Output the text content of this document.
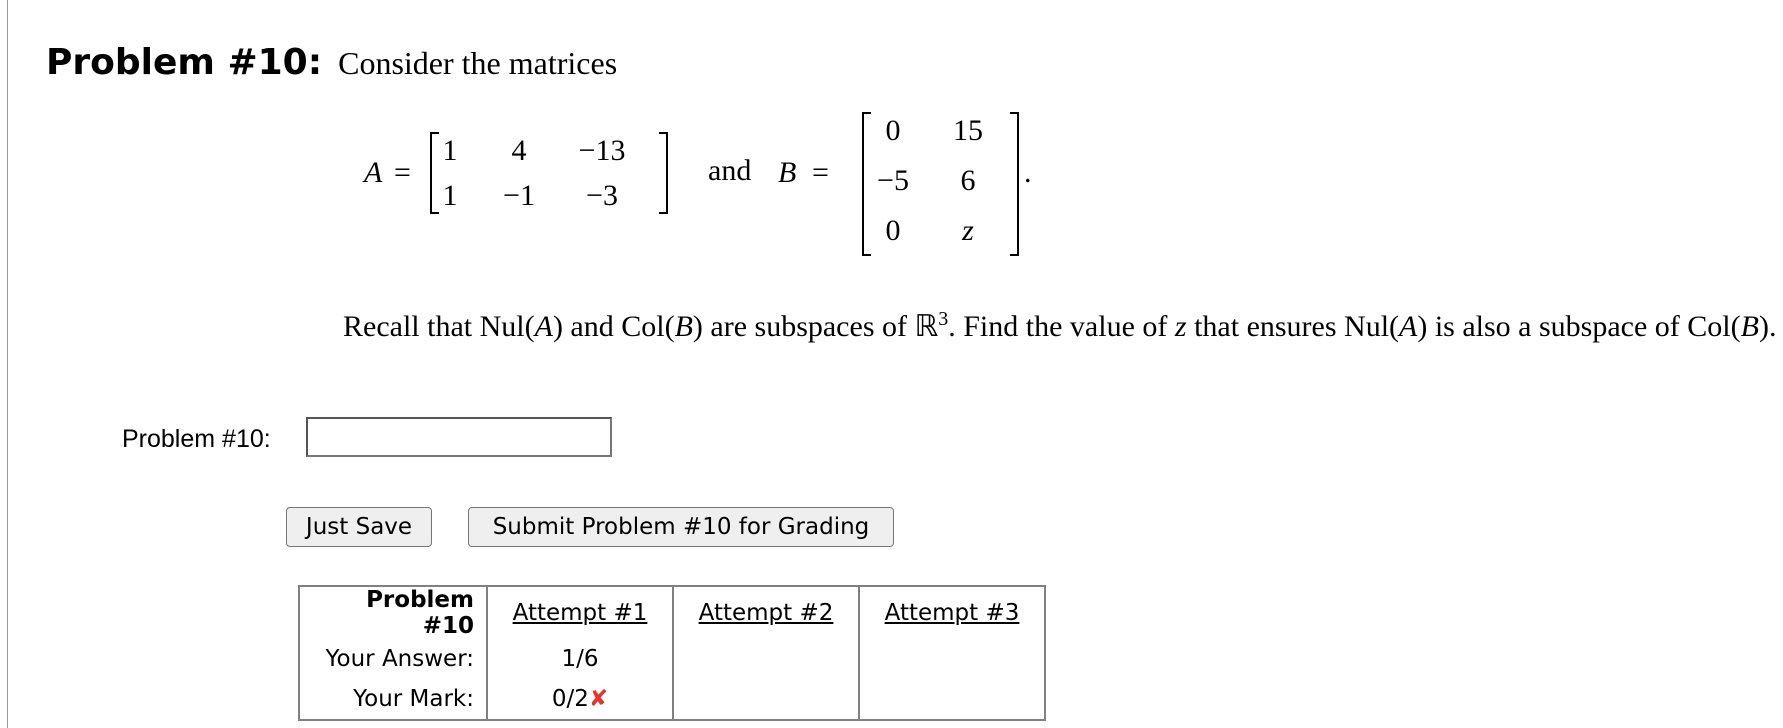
Problem #10: Consider the matrices
A =
1	4	−13
1	−1	−3
and B =
0	15
−5	6
0	z
.
Recall that Nul(A) and Col(B) are subspaces of ℝ$^3$. Find the value of z that ensures Nul(A) is also a subspace of Col(B).
Problem #10:
Just Save	Submit Problem #10 for Grading
Problem #10	Attempt #1	Attempt #2	Attempt #3
Your Answer:	1/6		
Your Mark:	0/2✘		
